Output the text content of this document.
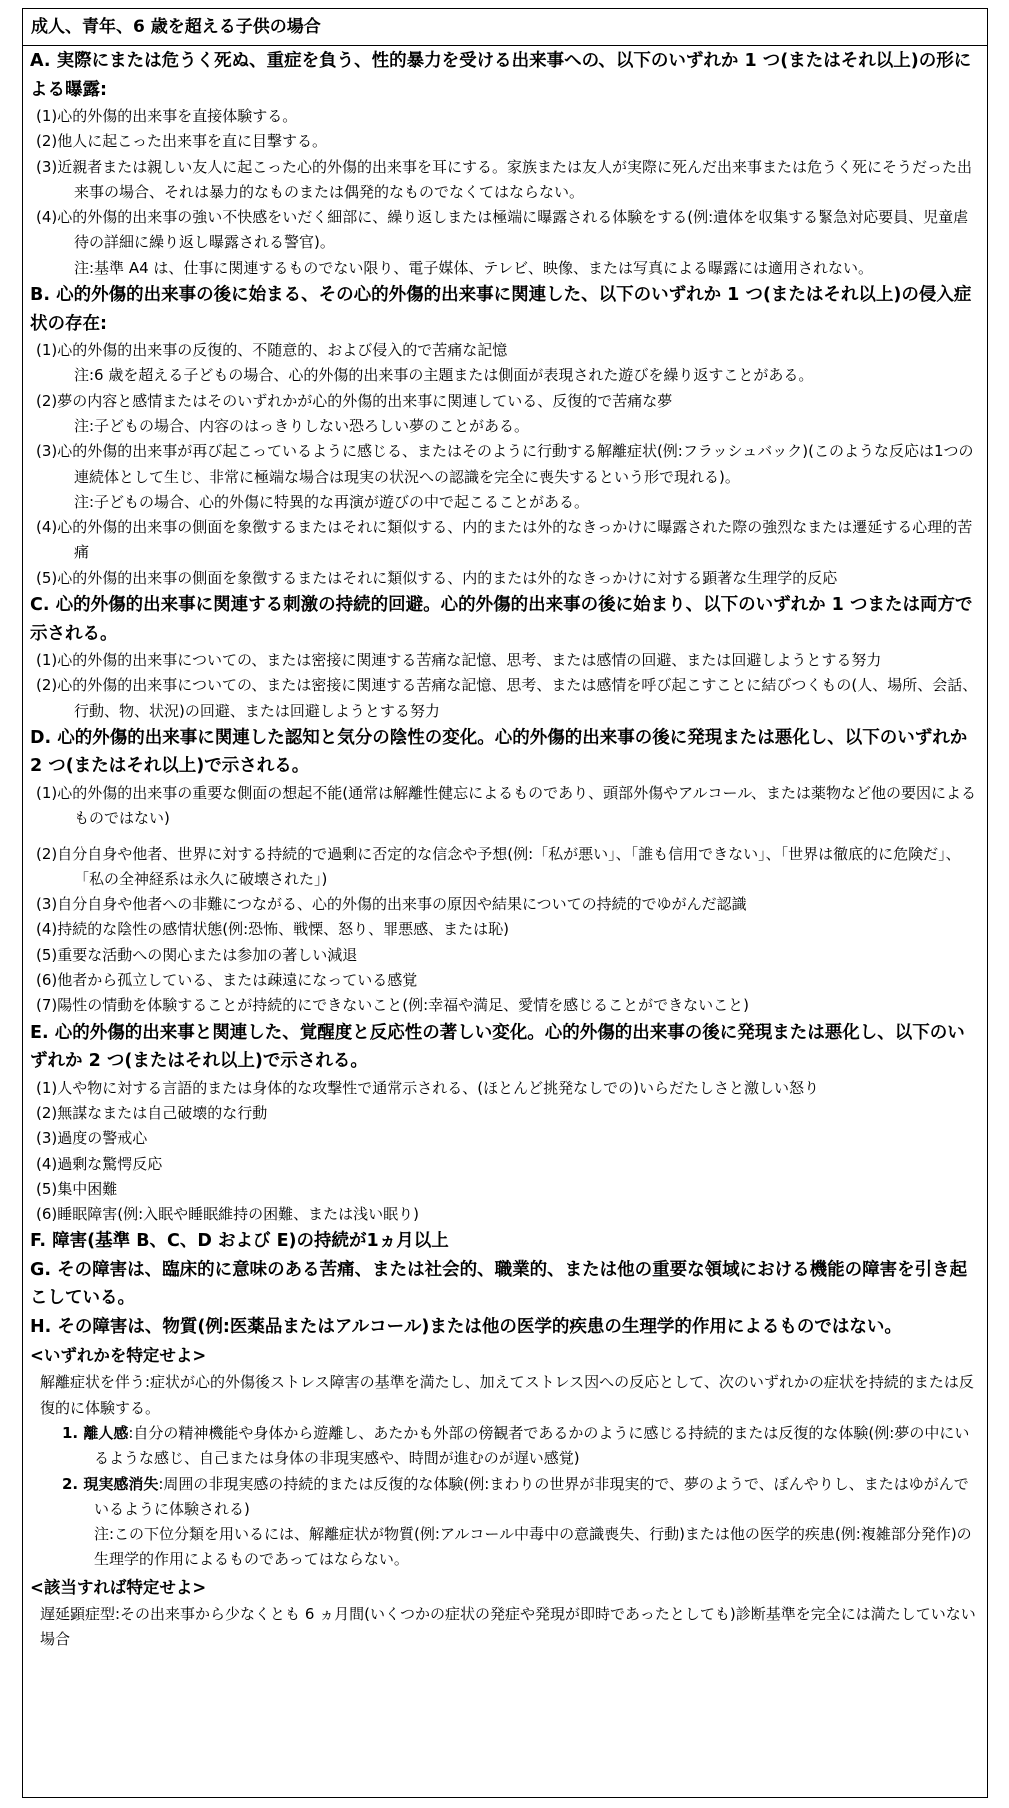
成人、青年、6 歳を超える子供の場合
A. 実際にまたは危うく死ぬ、重症を負う、性的暴力を受ける出来事への、以下のいずれか 1 つ(またはそれ以上)の形による曝露:
(1)心的外傷的出来事を直接体験する。
(2)他人に起こった出来事を直に目撃する。
(3)近親者または親しい友人に起こった心的外傷的出来事を耳にする。家族または友人が実際に死んだ出来事または危うく死にそうだった出来事の場合、それは暴力的なものまたは偶発的なものでなくてはならない。
(4)心的外傷的出来事の強い不快感をいだく細部に、繰り返しまたは極端に曝露される体験をする(例:遺体を収集する緊急対応要員、児童虐待の詳細に繰り返し曝露される警官)。
注:基準 A4 は、仕事に関連するものでない限り、電子媒体、テレビ、映像、または写真による曝露には適用されない。
B. 心的外傷的出来事の後に始まる、その心的外傷的出来事に関連した、以下のいずれか 1 つ(またはそれ以上)の侵入症状の存在:
(1)心的外傷的出来事の反復的、不随意的、および侵入的で苦痛な記憶
注:6 歳を超える子どもの場合、心的外傷的出来事の主題または側面が表現された遊びを繰り返すことがある。
(2)夢の内容と感情またはそのいずれかが心的外傷的出来事に関連している、反復的で苦痛な夢
注:子どもの場合、内容のはっきりしない恐ろしい夢のことがある。
(3)心的外傷的出来事が再び起こっているように感じる、またはそのように行動する解離症状(例:フラッシュバック)(このような反応は1つの連続体として生じ、非常に極端な場合は現実の状況への認識を完全に喪失するという形で現れる)。
注:子どもの場合、心的外傷に特異的な再演が遊びの中で起こることがある。
(4)心的外傷的出来事の側面を象徴するまたはそれに類似する、内的または外的なきっかけに曝露された際の強烈なまたは遷延する心理的苦痛
(5)心的外傷的出来事の側面を象徴するまたはそれに類似する、内的または外的なきっかけに対する顕著な生理学的反応
C. 心的外傷的出来事に関連する刺激の持続的回避。心的外傷的出来事の後に始まり、以下のいずれか 1 つまたは両方で示される。
(1)心的外傷的出来事についての、または密接に関連する苦痛な記憶、思考、または感情の回避、または回避しようとする努力
(2)心的外傷的出来事についての、または密接に関連する苦痛な記憶、思考、または感情を呼び起こすことに結びつくもの(人、場所、会話、行動、物、状況)の回避、または回避しようとする努力
D. 心的外傷的出来事に関連した認知と気分の陰性の変化。心的外傷的出来事の後に発現または悪化し、以下のいずれか 2 つ(またはそれ以上)で示される。
(1)心的外傷的出来事の重要な側面の想起不能(通常は解離性健忘によるものであり、頭部外傷やアルコール、または薬物など他の要因によるものではない)
(2)自分自身や他者、世界に対する持続的で過剰に否定的な信念や予想(例:「私が悪い」、「誰も信用できない」、「世界は徹底的に危険だ」、「私の全神経系は永久に破壊された」)
(3)自分自身や他者への非難につながる、心的外傷的出来事の原因や結果についての持続的でゆがんだ認識
(4)持続的な陰性の感情状態(例:恐怖、戦慄、怒り、罪悪感、または恥)
(5)重要な活動への関心または参加の著しい減退
(6)他者から孤立している、または疎遠になっている感覚
(7)陽性の情動を体験することが持続的にできないこと(例:幸福や満足、愛情を感じることができないこと)
E. 心的外傷的出来事と関連した、覚醒度と反応性の著しい変化。心的外傷的出来事の後に発現または悪化し、以下のいずれか 2 つ(またはそれ以上)で示される。
(1)人や物に対する言語的または身体的な攻撃性で通常示される、(ほとんど挑発なしでの)いらだたしさと激しい怒り
(2)無謀なまたは自己破壊的な行動
(3)過度の警戒心
(4)過剰な驚愕反応
(5)集中困難
(6)睡眠障害(例:入眠や睡眠維持の困難、または浅い眠り)
F. 障害(基準 B、C、D および E)の持続が1ヵ月以上
G. その障害は、臨床的に意味のある苦痛、または社会的、職業的、または他の重要な領域における機能の障害を引き起こしている。
H. その障害は、物質(例:医薬品またはアルコール)または他の医学的疾患の生理学的作用によるものではない。
<いずれかを特定せよ>
解離症状を伴う:症状が心的外傷後ストレス障害の基準を満たし、加えてストレス因への反応として、次のいずれかの症状を持続的または反復的に体験する。
1. 離人感:自分の精神機能や身体から遊離し、あたかも外部の傍観者であるかのように感じる持続的または反復的な体験(例:夢の中にいるような感じ、自己または身体の非現実感や、時間が進むのが遅い感覚)
2. 現実感消失:周囲の非現実感の持続的または反復的な体験(例:まわりの世界が非現実的で、夢のようで、ぼんやりし、またはゆがんでいるように体験される)
注:この下位分類を用いるには、解離症状が物質(例:アルコール中毒中の意識喪失、行動)または他の医学的疾患(例:複雑部分発作)の生理学的作用によるものであってはならない。
<該当すれば特定せよ>
遅延顕症型:その出来事から少なくとも 6 ヵ月間(いくつかの症状の発症や発現が即時であったとしても)診断基準を完全には満たしていない場合
